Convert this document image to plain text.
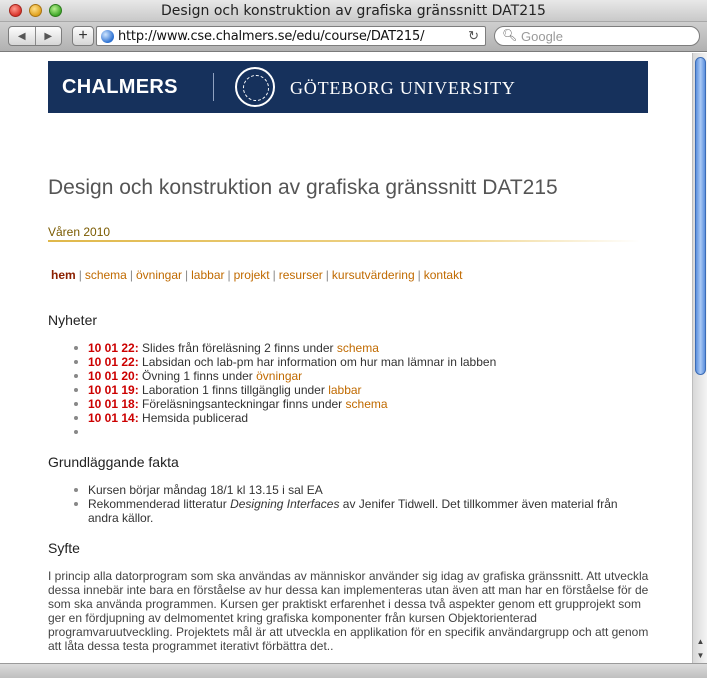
Design och konstruktion av grafiska gränssnitt DAT215
◀	▶	+	http://www.cse.chalmers.se/edu/course/DAT215/	↻ 🔍︎ Google
CHALMERS	GÖTEBORG UNIVERSITY
Design och konstruktion av grafiska gränssnitt DAT215
Våren 2010
hem | schema | övningar | labbar | projekt | resurser | kursutvärdering | kontakt
Nyheter
10 01 22: Slides från föreläsning 2 finns under schema
10 01 22: Labsidan och lab-pm har information om hur man lämnar in labben
10 01 20: Övning 1 finns under övningar
10 01 19: Laboration 1 finns tillgänglig under labbar
10 01 18: Föreläsningsanteckningar finns under schema
10 01 14: Hemsida publicerad

Grundläggande fakta
Kursen börjar måndag 18/1 kl 13.15 i sal EA
Rekommenderad litteratur Designing Interfaces av Jenifer Tidwell. Det tillkommer även material från andra källor.
Syfte
I princip alla datorprogram som ska användas av människor använder sig idag av grafiska gränssnitt. Att utveckla dessa innebär inte bara en förståelse av hur dessa kan implementeras utan även att man har en förståelse för de som ska använda programmen. Kursen ger praktiskt erfarenhet i dessa två aspekter genom ett grupprojekt som ger en fördjupning av delmomentet kring grafiska komponenter från kursen Objektorienterad programvaruutveckling. Projektets mål är att utveckla en applikation för en specifik användargrupp och att genom att låta dessa testa programmet iterativt förbättra det..	▲
▼
